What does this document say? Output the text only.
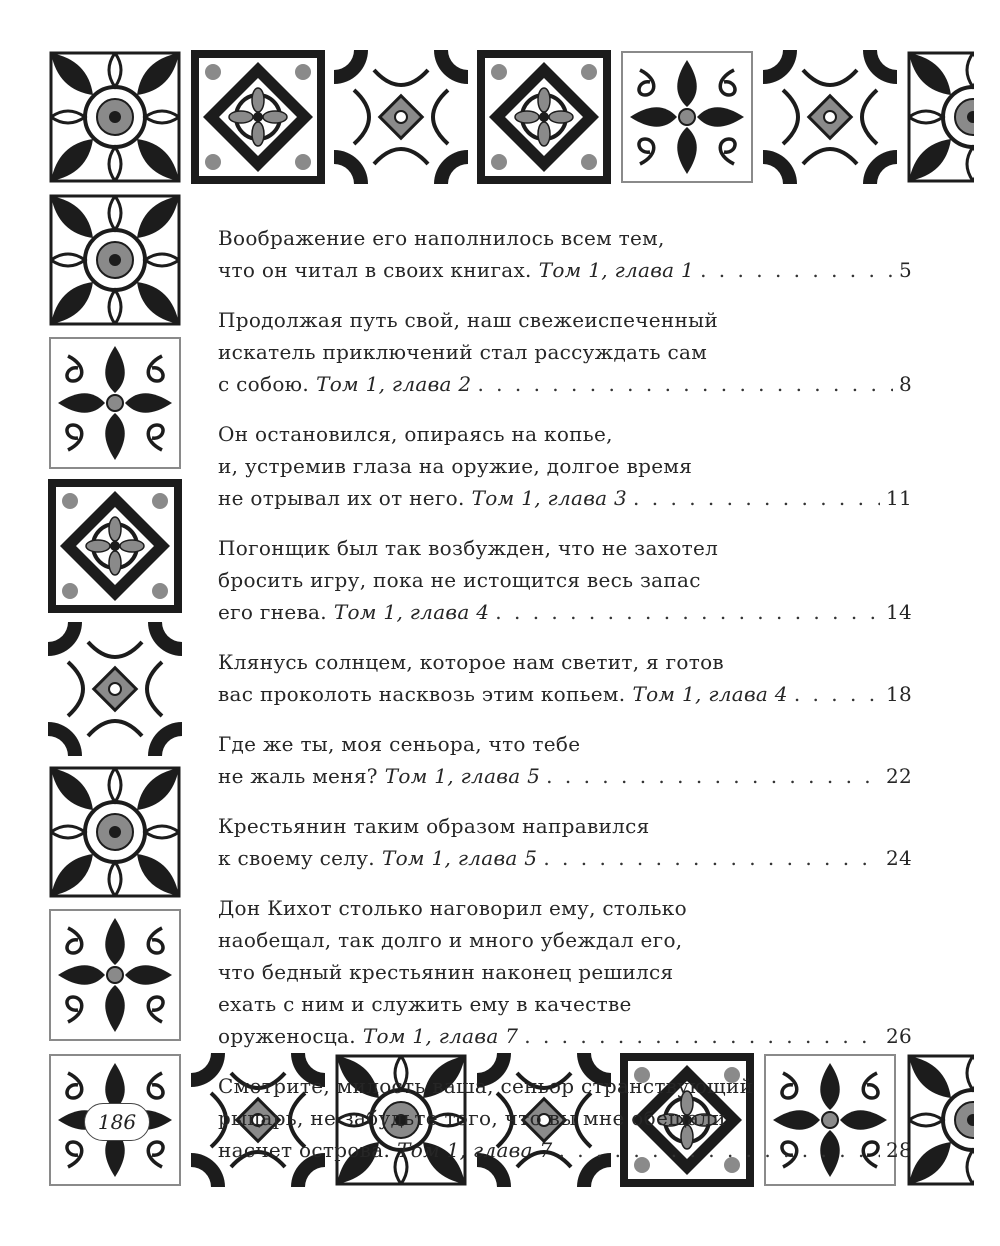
186
Воображение его наполнилось всем тем,
что он читал в своих книгах. Том 1, глава 1 . . .	5
Продолжая путь свой, наш свежеиспеченный
искатель приключений стал рассуждать сам
с собою. Том 1, глава 2 . . .	8
Он остановился, опираясь на копье,
и, устремив глаза на оружие, долгое время
не отрывал их от него. Том 1, глава 3 . . .	11
Погонщик был так возбужден, что не захотел
бросить игру, пока не истощится весь запас
его гнева. Том 1, глава 4 . . .	14
Клянусь солнцем, которое нам светит, я готов
вас проколоть насквозь этим копьем. Том 1, глава 4 . . .	18
Где же ты, моя сеньора, что тебе
не жаль меня? Том 1, глава 5 . . .	22
Крестьянин таким образом направился
к своему селу. Том 1, глава 5 . . .	24
Дон Кихот столько наговорил ему, столько
наобещал, так долго и много убеждал его,
что бедный крестьянин наконец решился
ехать с ним и служить ему в качестве
оруженосца. Том 1, глава 7 . . .	26
Смотрите, милость ваша, сеньор странствующий
рыцарь, не забудьте того, что вы мне обещали
насчет острова. Том 1, глава 7 . . .	28
